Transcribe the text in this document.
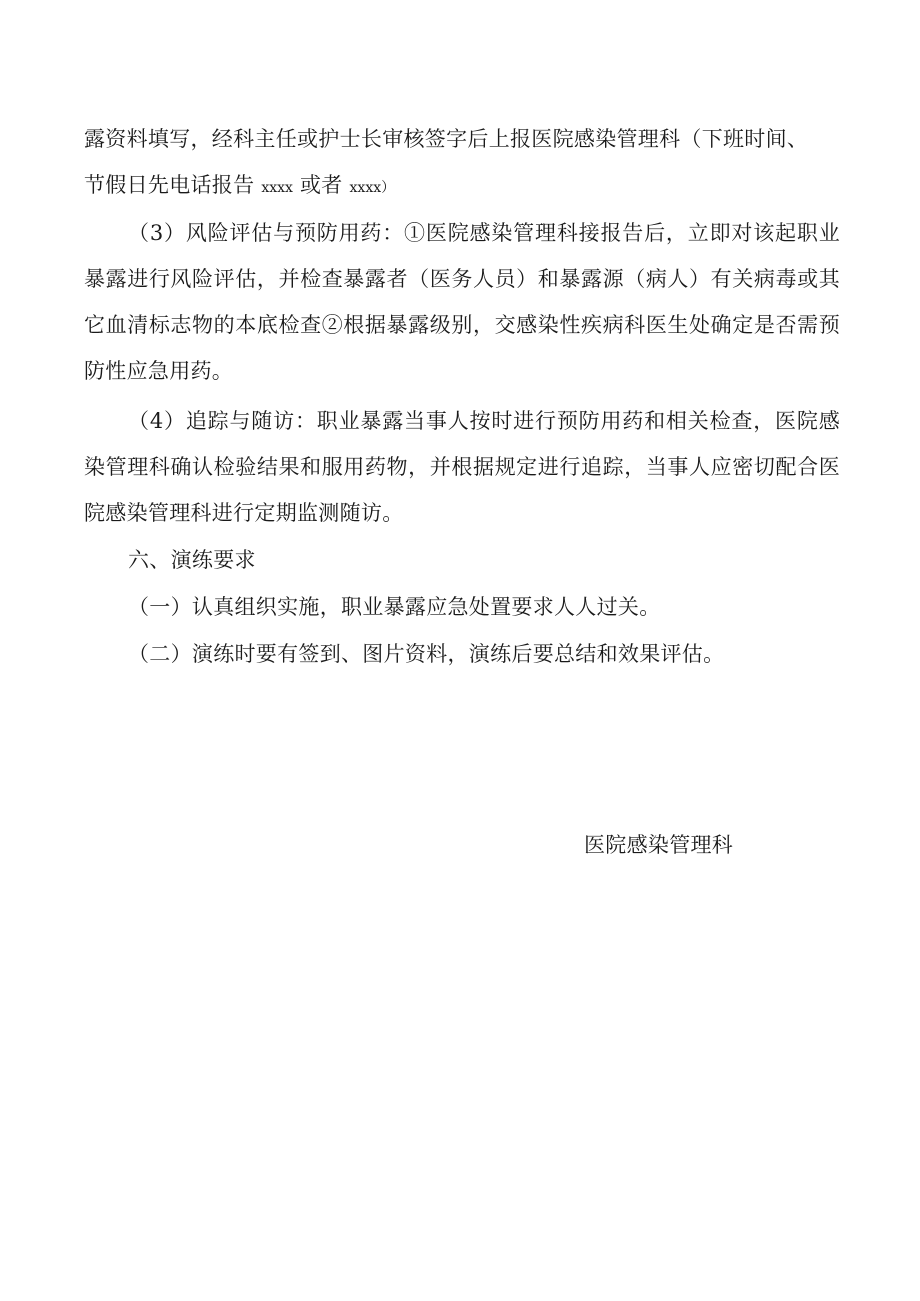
露资料填写，经科主任或护士长审核签字后上报医院感染管理科（下班时间、
节假日先电话报告 xxxx 或者 xxxx）

（3）风险评估与预防用药：①医院感染管理科接报告后，立即对该起职业暴露进行风险评估，并检查暴露者（医务人员）和暴露源（病人）有关病毒或其它血清标志物的本底检查②根据暴露级别，交感染性疾病科医生处确定是否需预防性应急用药。

（4）追踪与随访：职业暴露当事人按时进行预防用药和相关检查，医院感染管理科确认检验结果和服用药物，并根据规定进行追踪，当事人应密切配合医院感染管理科进行定期监测随访。

六、演练要求

（一）认真组织实施，职业暴露应急处置要求人人过关。

（二）演练时要有签到、图片资料，演练后要总结和效果评估。

医院感染管理科
